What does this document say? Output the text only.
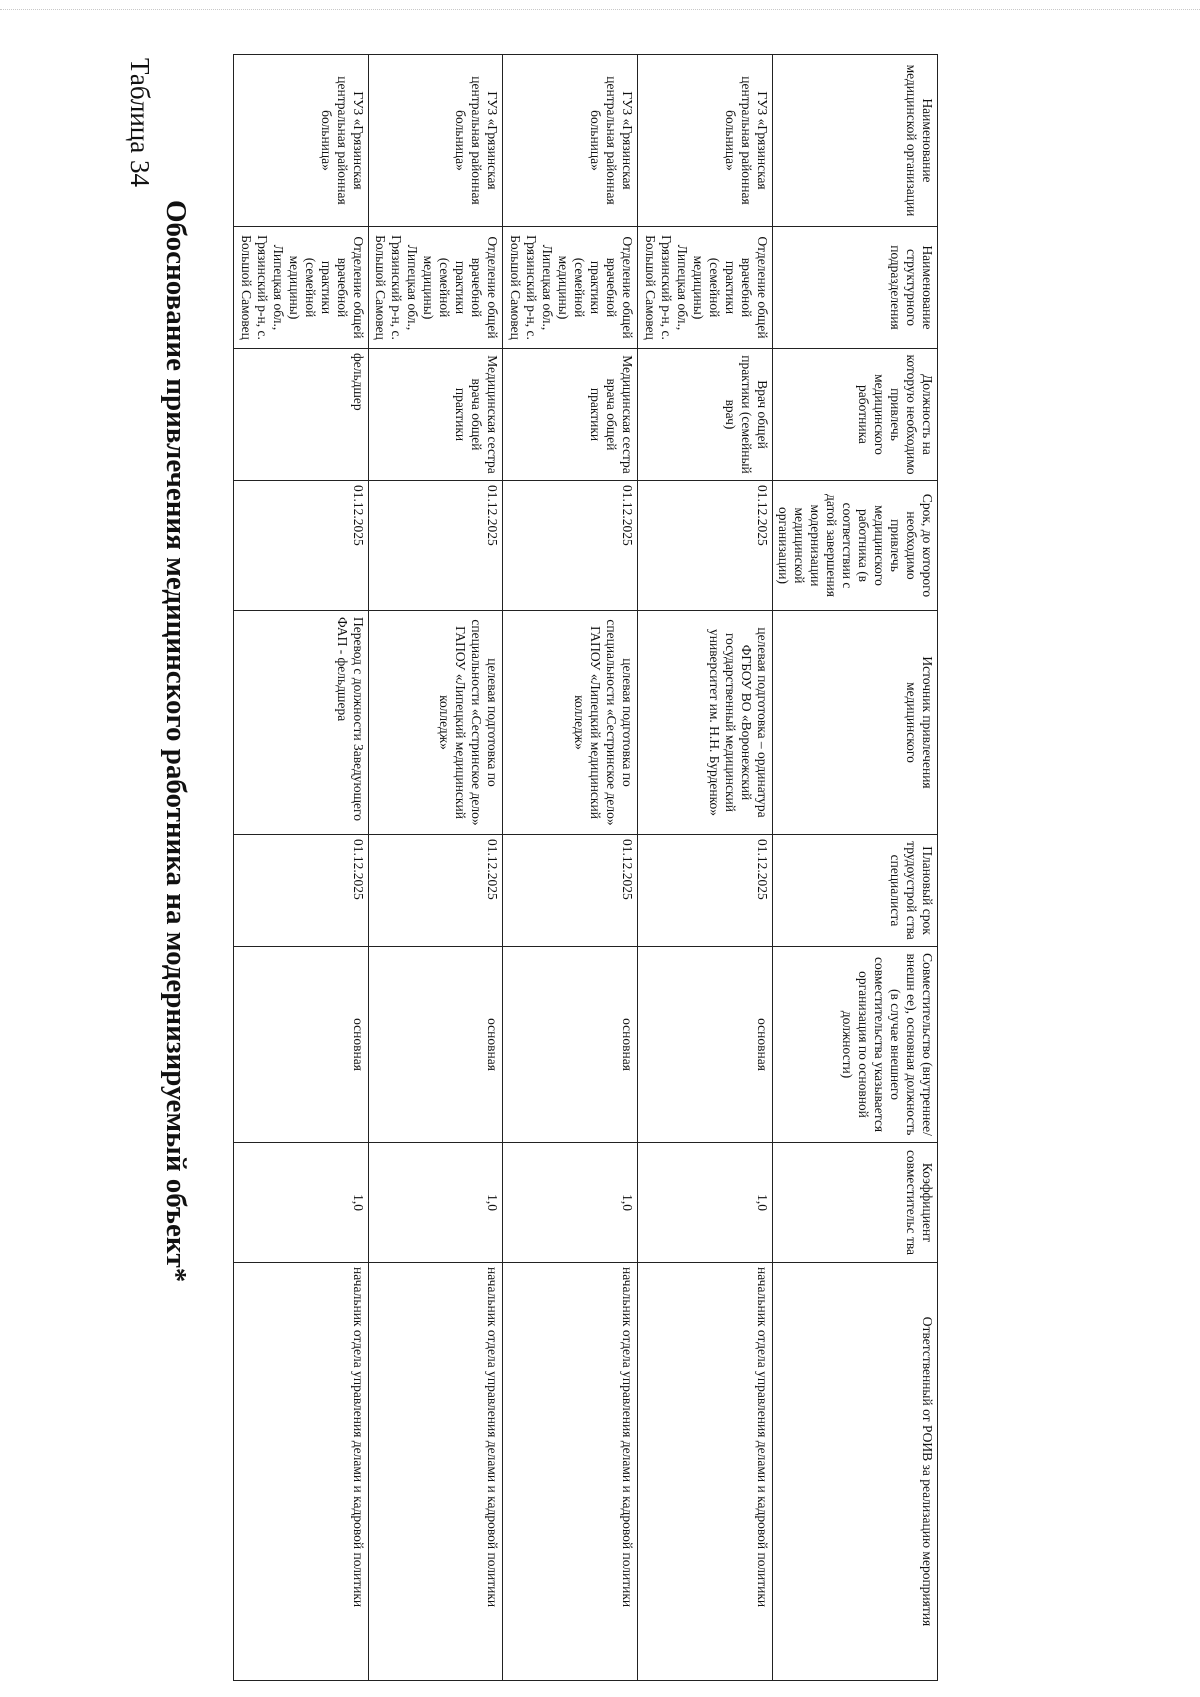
Таблица 34
Обоснование привлечения медицинского работника на модернизируемый объект*
Наименование медицинской организации	Наименование структурного подразделения	Должность на которую необходимо привлечь медицинского работника	Срок, до которого необходимо привлечь медицинского работника (в соответствии с датой завершения модернизации медицинской организации)	Источник привлечения медицинского	Плановый срок трудоустрой ства специалиста	Совместительство (внутреннее/внешн ее), основная должность (в случае внешнего совместительства указывается организация по основной должности)	Коэффициент совместительс тва	Ответственный от РОИВ за реализацию мероприятия
ГУЗ «Грязинская центральная районная больница»	Отделение общей врачебной практики (семейной медицины) Липецкая обл., Грязинский р-н, с. Большой Самовец	Врач общей практики (семейный врач)	01.12.2025	целевая подготовка – ординатура ФГБОУ ВО «Воронежский государственный медицинский университет им. Н.Н. Бурденко»	01.12.2025	основная	1,0	начальник отдела управления делами и кадровой политики
ГУЗ «Грязинская центральная районная больница»	Отделение общей врачебной практики (семейной медицины) Липецкая обл., Грязинский р-н, с. Большой Самовец	Медицинская сестра врача общей практики	01.12.2025	целевая подготовка по специальности «Сестринское дело» ГАПОУ «Липецкий медицинский колледж»	01.12.2025	основная	1,0	начальник отдела управления делами и кадровой политики
ГУЗ «Грязинская центральная районная больница»	Отделение общей врачебной практики (семейной медицины) Липецкая обл., Грязинский р-н, с. Большой Самовец	Медицинская сестра врача общей практики	01.12.2025	целевая подготовка по специальности «Сестринское дело» ГАПОУ «Липецкий медицинский колледж»	01.12.2025	основная	1,0	начальник отдела управления делами и кадровой политики
ГУЗ «Грязинская центральная районная больница»	Отделение общей врачебной практики (семейной медицины) Липецкая обл., Грязинский р-н, с. Большой Самовец	фельдшер	01.12.2025	Перевод с должности Заведующего ФАП - фельдшера	01.12.2025	основная	1,0	начальник отдела управления делами и кадровой политики
